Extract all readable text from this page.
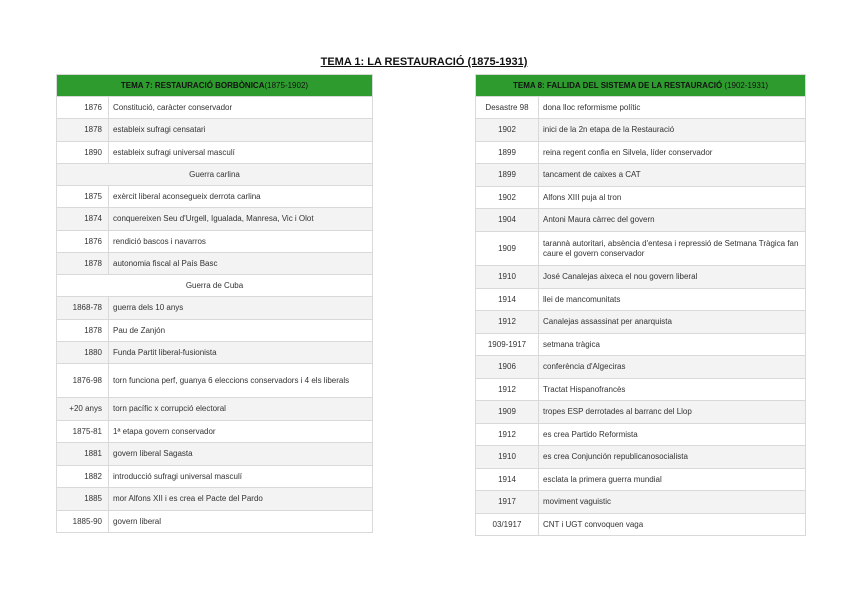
TEMA 1: LA RESTAURACIÓ (1875-1931)
TEMA 7: RESTAURACIÓ BORBÒNICA(1875-1902)	
1876	Constitució, caràcter conservador
1878	estableix sufragi censatari
1890	estableix sufragi universal masculí
Guerra carlina	
1875	exèrcit liberal aconsegueix derrota carlina
1874	conquereixen Seu d'Urgell, Igualada, Manresa, Vic i Olot
1876	rendició bascos i navarros
1878	autonomia fiscal al País Basc
Guerra de Cuba	
1868-78	guerra dels 10 anys
1878	Pau de Zanjón
1880	Funda Partit liberal-fusionista
1876-98	torn funciona perf, guanya 6 eleccions conservadors i 4 els liberals
+20 anys	torn pacífic x corrupció electoral
1875-81	1ª etapa govern conservador
1881	govern liberal Sagasta
1882	introducció sufragi universal masculí
1885	mor Alfons XII i es crea el Pacte del Pardo
1885-90	govern liberal
TEMA 8: FALLIDA DEL SISTEMA DE LA RESTAURACIÓ (1902-1931)	
Desastre 98	dona lloc reformisme polític
1902	inici de la 2n etapa de la Restauració
1899	reina regent confia en Silvela, líder conservador
1899	tancament de caixes a CAT
1902	Alfons XIII puja al tron
1904	Antoni Maura càrrec del govern
1909	tarannà autoritari, absència d'entesa i repressió de Setmana Tràgica fan caure el govern conservador
1910	José Canalejas aixeca el nou govern liberal
1914	llei de mancomunitats
1912	Canalejas assassinat per anarquista
1909-1917	setmana tràgica
1906	conferència d'Algeciras
1912	Tractat Hispanofrancès
1909	tropes ESP derrotades al barranc del Llop
1912	es crea Partido Reformista
1910	es crea Conjunción republicanosocialista
1914	esclata la primera guerra mundial
1917	moviment vaguistic
03/1917	CNT i UGT convoquen vaga
